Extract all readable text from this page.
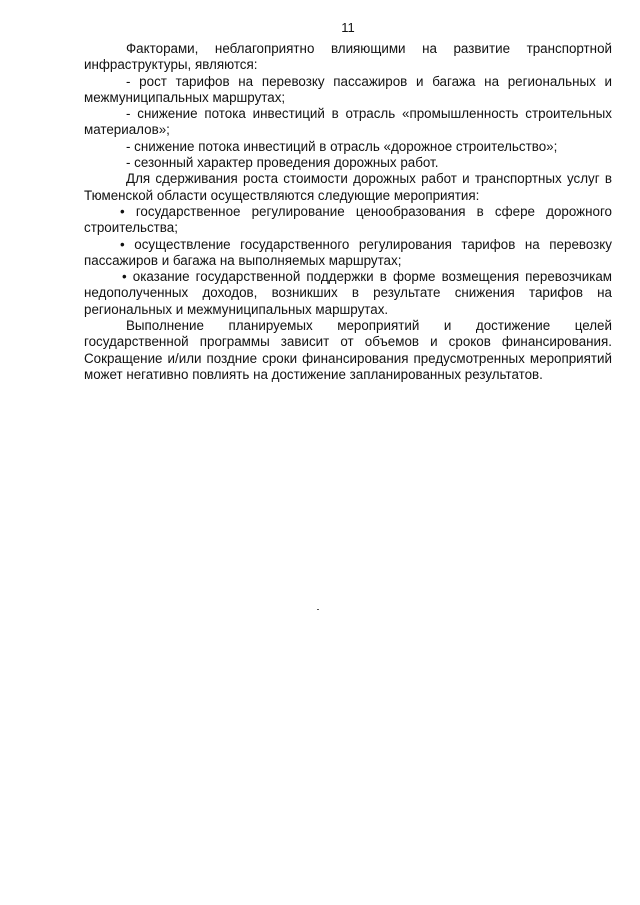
11

Факторами, неблагоприятно влияющими на развитие транспортной инфраструктуры, являются:

- рост тарифов на перевозку пассажиров и багажа на региональных и межмуниципальных маршрутах;

- снижение потока инвестиций в отрасль «промышленность строительных материалов»;

- снижение потока инвестиций в отрасль «дорожное строительство»;

- сезонный характер проведения дорожных работ.

Для сдерживания роста стоимости дорожных работ и транспортных услуг в Тюменской области осуществляются следующие мероприятия:

• государственное регулирование ценообразования в сфере дорожного строительства;

• осуществление государственного регулирования тарифов на перевозку пассажиров и багажа на выполняемых маршрутах;

• оказание государственной поддержки в форме возмещения перевозчикам недополученных доходов, возникших в результате снижения тарифов на региональных и межмуниципальных маршрутах.

Выполнение планируемых мероприятий и достижение целей государственной программы зависит от объемов и сроков финансирования. Сокращение и/или поздние сроки финансирования предусмотренных мероприятий может негативно повлиять на достижение запланированных результатов.
